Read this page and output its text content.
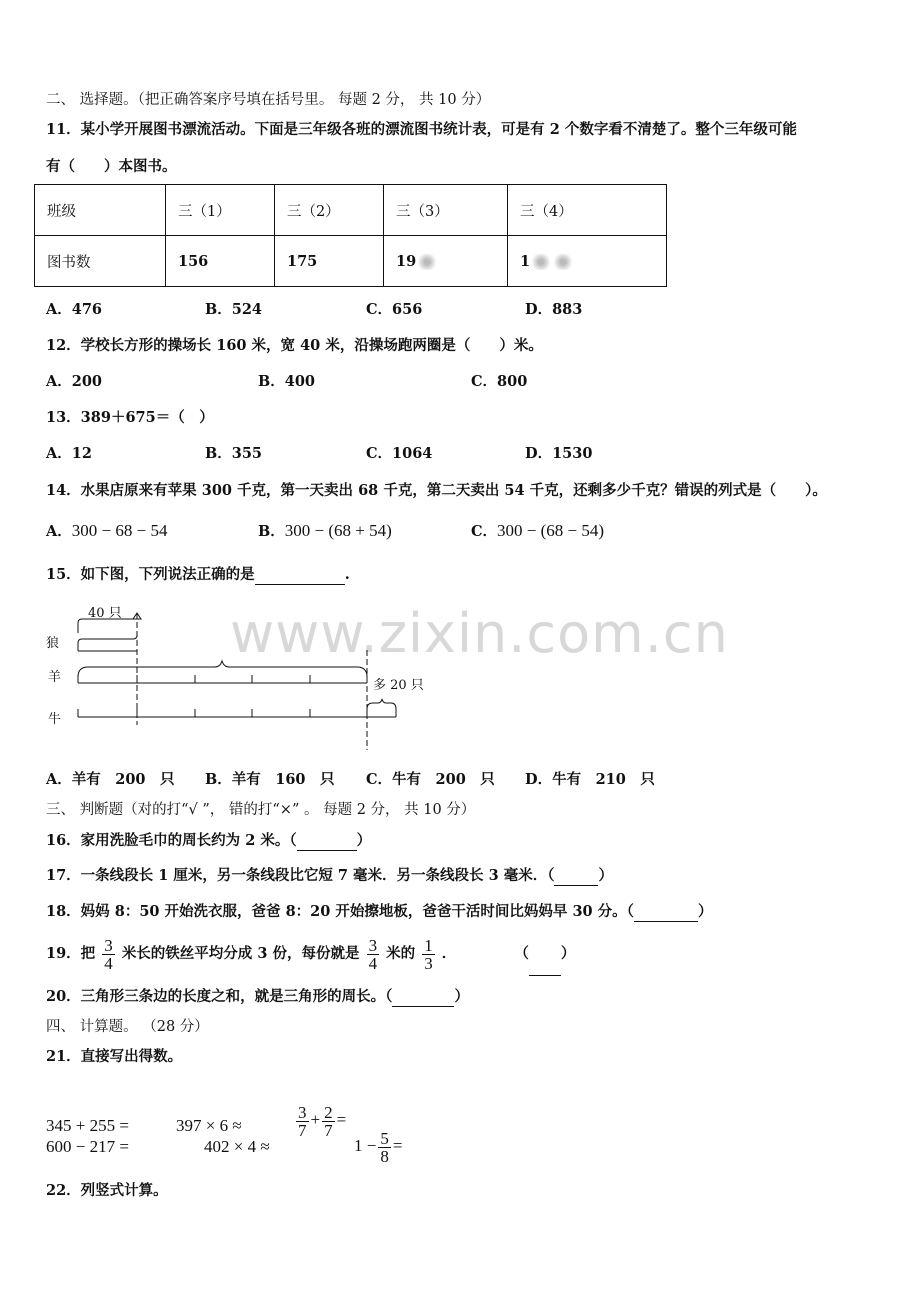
www.zixin.com.cn
二、 选择题。（把正确答案序号填在括号里。 每题 2 分， 共 10 分）
11．某小学开展图书漂流活动。下面是三年级各班的漂流图书统计表，可是有 2 个数字看不清楚了。整个三年级可能
有（　　）本图书。
班级	三（1）	三（2）	三（3）	三（4）
图书数	156	175	19	1
A．476	B．524	C．656	D．883
12．学校长方形的操场长 160 米，宽 40 米，沿操场跑两圈是（　　）米。
A．200	B．400	C．800
13．389＋675＝（　）
A．12	B．355	C．1064	D．1530
14．水果店原来有苹果 300 千克，第一天卖出 68 千克，第二天卖出 54 千克，还剩多少千克？错误的列式是（　　）。
A．300 − 68 − 54	B．300 − (68 + 54)	C．300 − (68 − 54)
15．如下图，下列说法正确的是	.
狼
羊
牛
40 只
多 20 只
A．羊有　200　只 B．羊有　160　只 C．牛有　200　只 D．牛有　210　只
三、 判断题（对的打“√ ”， 错的打“×” 。 每题 2 分， 共 10 分）
16．家用洗脸毛巾的周长约为 2 米。（	）
17．一条线段长 1 厘米，另一条线段比它短 7 毫米．另一条线段长 3 毫米．（	）
18．妈妈 8：50 开始洗衣服，爸爸 8：20 开始擦地板，爸爸干活时间比妈妈早 30 分。（	）
19．把 $\frac{3}{4}$ 米长的铁丝平均分成 3 份，每份就是 $\frac{3}{4}$ 米的 $\frac{1}{3}$ ．	（ ）
20．三角形三条边的长度之和，就是三角形的周长。（	）
四、 计算题。 （28 分）
21．直接写出得数。
345 + 255 =	397 × 6 ≈	$\frac{3}{7} + \frac{2}{7}$ =
600 − 217 =	402 × 4 ≈	$1 - \frac{5}{8}$ =
22．列竖式计算。
